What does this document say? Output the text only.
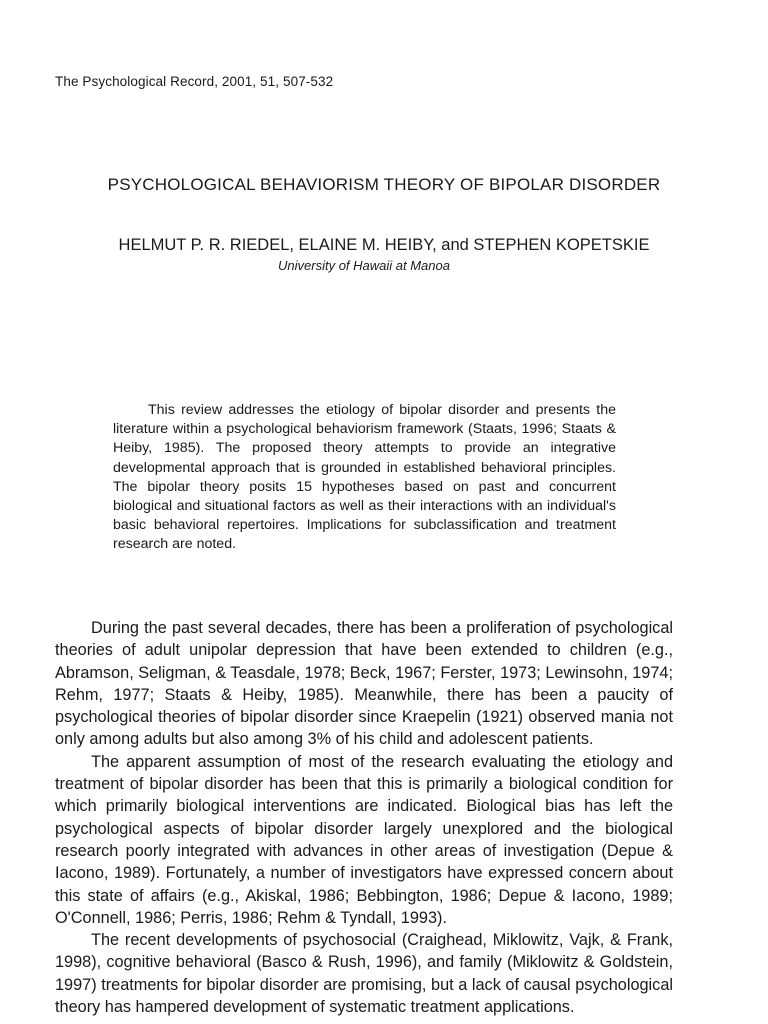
The Psychological Record, 2001, 51, 507-532
PSYCHOLOGICAL BEHAVIORISM THEORY OF BIPOLAR DISORDER
HELMUT P. R. RIEDEL, ELAINE M. HEIBY, and STEPHEN KOPETSKIE
University of Hawaii at Manoa

This review addresses the etiology of bipolar disorder and presents the literature within a psychological behaviorism framework (Staats, 1996; Staats & Heiby, 1985). The proposed theory attempts to provide an integrative developmental approach that is grounded in established behavioral principles. The bipolar theory posits 15 hypotheses based on past and concurrent biological and situational factors as well as their interactions with an individual's basic behavioral repertoires. Implications for subclassification and treatment research are noted.

During the past several decades, there has been a proliferation of psychological theories of adult unipolar depression that have been extended to children (e.g., Abramson, Seligman, & Teasdale, 1978; Beck, 1967; Ferster, 1973; Lewinsohn, 1974; Rehm, 1977; Staats & Heiby, 1985). Meanwhile, there has been a paucity of psychological theories of bipolar disorder since Kraepelin (1921) observed mania not only among adults but also among 3% of his child and adolescent patients.

The apparent assumption of most of the research evaluating the etiology and treatment of bipolar disorder has been that this is primarily a biological condition for which primarily biological interventions are indicated. Biological bias has left the psychological aspects of bipolar disorder largely unexplored and the biological research poorly integrated with advances in other areas of investigation (Depue & Iacono, 1989). Fortunately, a number of investigators have expressed concern about this state of affairs (e.g., Akiskal, 1986; Bebbington, 1986; Depue & Iacono, 1989; O'Connell, 1986; Perris, 1986; Rehm & Tyndall, 1993).

The recent developments of psychosocial (Craighead, Miklowitz, Vajk, & Frank, 1998), cognitive behavioral (Basco & Rush, 1996), and family (Miklowitz & Goldstein, 1997) treatments for bipolar disorder are promising, but a lack of causal psychological theory has hampered development of systematic treatment applications.
